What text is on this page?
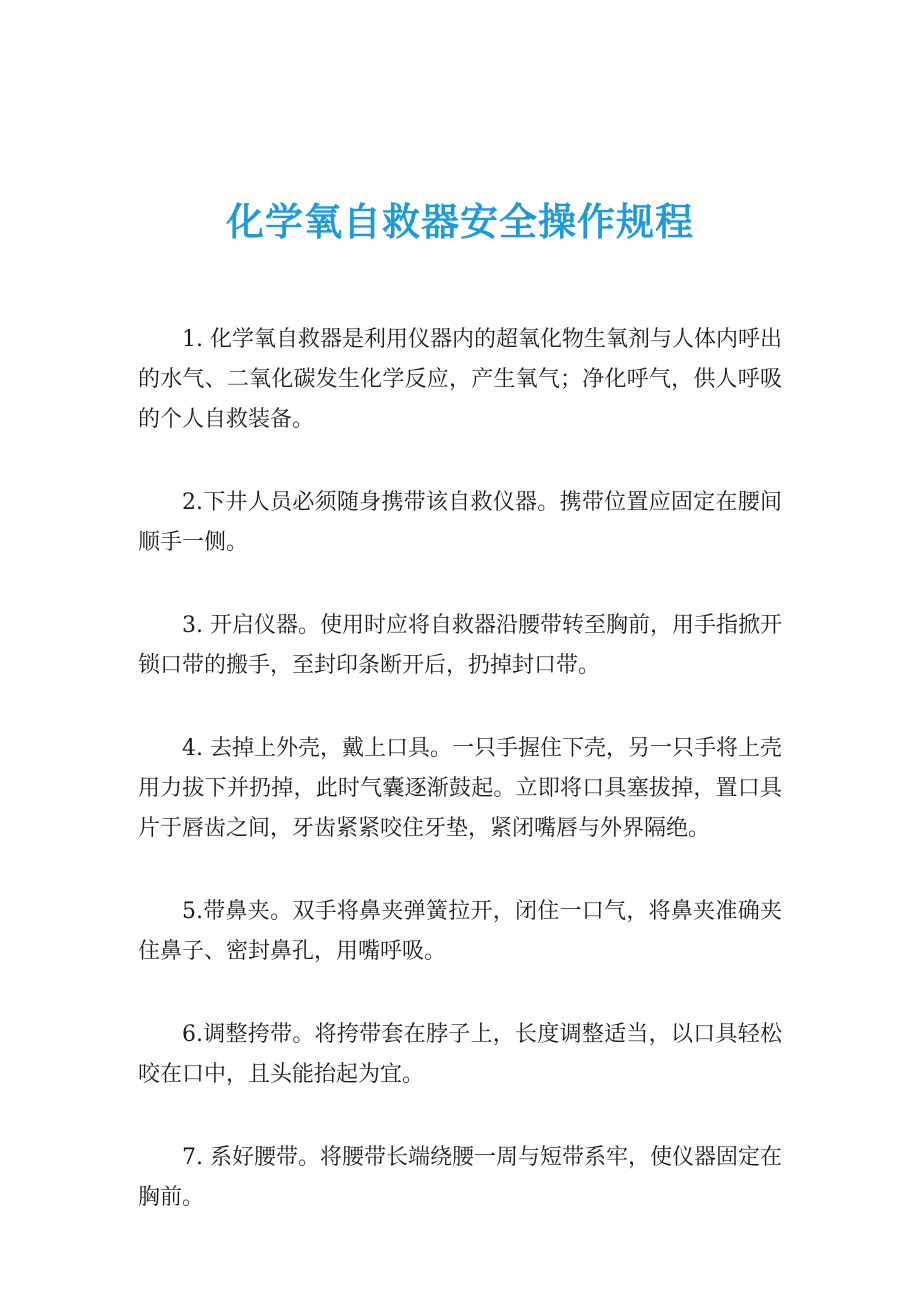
化学氧自救器安全操作规程

1. 化学氧自救器是利用仪器内的超氧化物生氧剂与人体内呼出的水气、二氧化碳发生化学反应，产生氧气；净化呼气，供人呼吸的个人自救装备。

2.下井人员必须随身携带该自救仪器。携带位置应固定在腰间顺手一侧。

3. 开启仪器。使用时应将自救器沿腰带转至胸前，用手指掀开锁口带的搬手，至封印条断开后，扔掉封口带。

4. 去掉上外壳，戴上口具。一只手握住下壳，另一只手将上壳用力拔下并扔掉，此时气囊逐渐鼓起。立即将口具塞拔掉，置口具片于唇齿之间，牙齿紧紧咬住牙垫，紧闭嘴唇与外界隔绝。

5.带鼻夹。双手将鼻夹弹簧拉开，闭住一口气，将鼻夹准确夹住鼻子、密封鼻孔，用嘴呼吸。

6.调整挎带。将挎带套在脖子上，长度调整适当，以口具轻松咬在口中，且头能抬起为宜。

7. 系好腰带。将腰带长端绕腰一周与短带系牢，使仪器固定在胸前。
